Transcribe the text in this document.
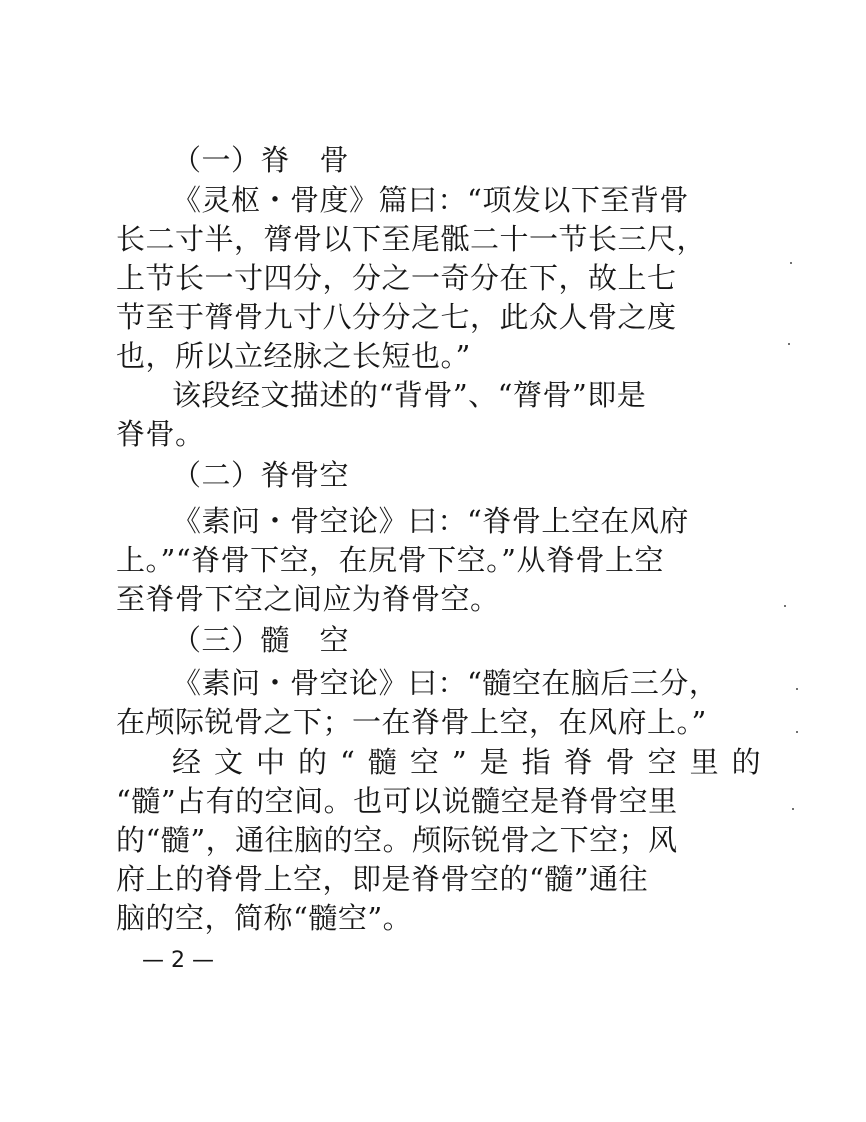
（一）脊　骨
《灵枢・骨度》篇曰：“项发以下至背骨
长二寸半，膂骨以下至尾骶二十一节长三尺，
上节长一寸四分，分之一奇分在下，故上七
节至于膂骨九寸八分分之七，此众人骨之度
也，所以立经脉之长短也。”
该段经文描述的“背骨”、“膂骨”即是
脊骨。
（二）脊骨空
《素问・骨空论》曰：“脊骨上空在风府
上。”“脊骨下空，在尻骨下空。”从脊骨上空
至脊骨下空之间应为脊骨空。
（三）髓　空
《素问・骨空论》曰：“髓空在脑后三分，
在颅际锐骨之下；一在脊骨上空，在风府上。”
经文中的“髓空”是指脊骨空里的
“髓”占有的空间。也可以说髓空是脊骨空里
的“髓”，通往脑的空。颅际锐骨之下空；风
府上的脊骨上空，即是脊骨空的“髓”通往
脑的空，简称“髓空”。
— 2 —
